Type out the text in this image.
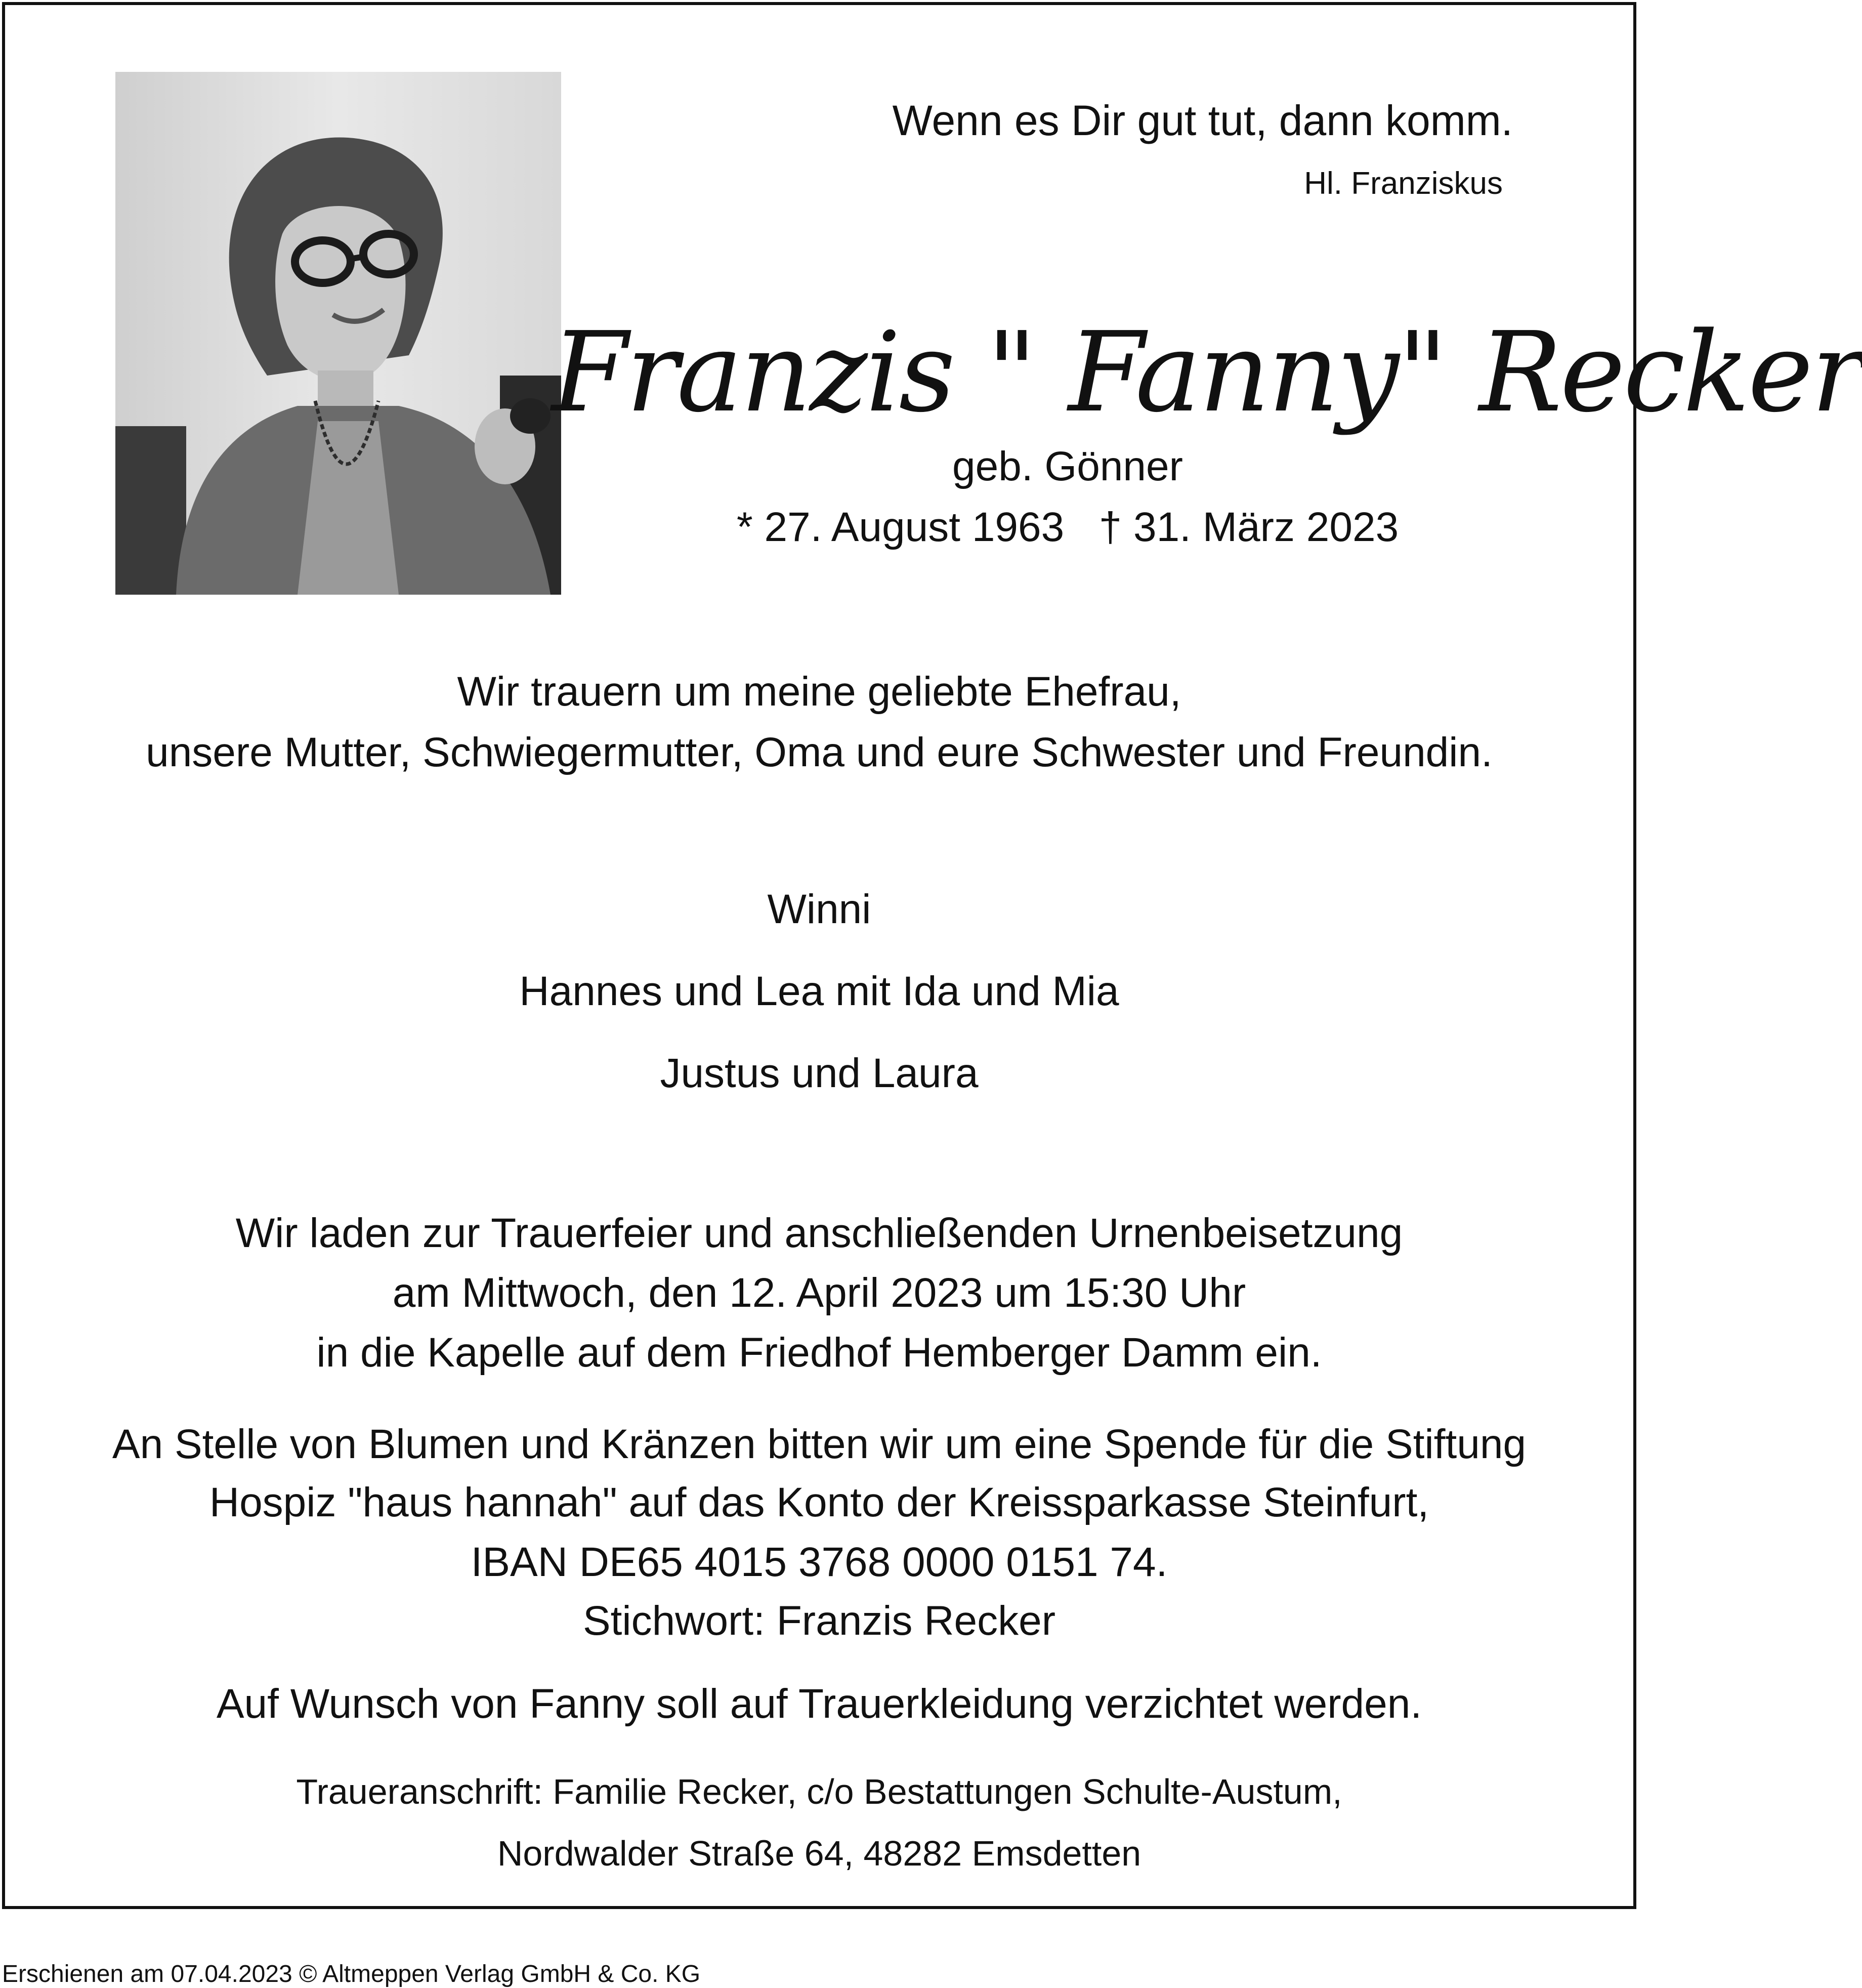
Wenn es Dir gut tut, dann komm.

Hl. Franziskus

Franzis " Fanny" Recker

geb. Gönner

* 27. August 1963   † 31. März 2023

Wir trauern um meine geliebte Ehefrau,

unsere Mutter, Schwiegermutter, Oma und eure Schwester und Freundin.

Winni

Hannes und Lea mit Ida und Mia

Justus und Laura

Wir laden zur Trauerfeier und anschließenden Urnenbeisetzung

am Mittwoch, den 12. April 2023 um 15:30 Uhr

in die Kapelle auf dem Friedhof Hemberger Damm ein.

An Stelle von Blumen und Kränzen bitten wir um eine Spende für die Stiftung

Hospiz "haus hannah" auf das Konto der Kreissparkasse Steinfurt,

IBAN DE65 4015 3768 0000 0151 74.

Stichwort: Franzis Recker

Auf Wunsch von Fanny soll auf Trauerkleidung verzichtet werden.

Traueranschrift: Familie Recker, c/o Bestattungen Schulte-Austum,

Nordwalder Straße 64, 48282 Emsdetten

Erschienen am 07.04.2023 © Altmeppen Verlag GmbH & Co. KG
